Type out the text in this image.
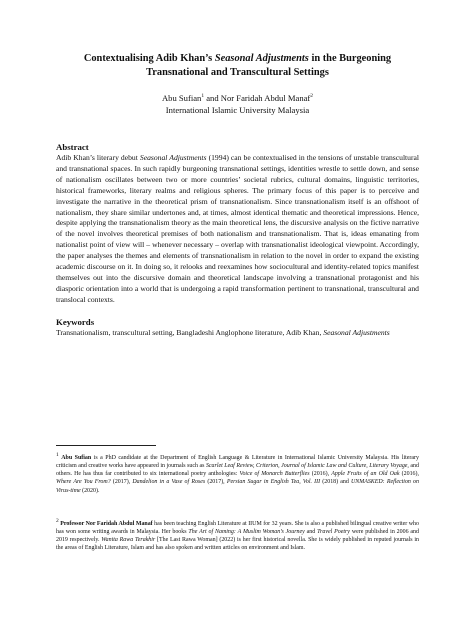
Contextualising Adib Khan’s Seasonal Adjustments in the Burgeoning Transnational and Transcultural Settings

Abu Sufian$^1$ and Nor Faridah Abdul Manaf$^2$
International Islamic University Malaysia

Abstract

Adib Khan’s literary debut Seasonal Adjustments (1994) can be contextualised in the tensions of unstable transcultural and transnational spaces. In such rapidly burgeoning transnational settings, identities wrestle to settle down, and sense of nationalism oscillates between two or more countries’ societal rubrics, cultural domains, linguistic territories, historical frameworks, literary realms and religious spheres. The primary focus of this paper is to perceive and investigate the narrative in the theoretical prism of transnationalism. Since transnationalism itself is an offshoot of nationalism, they share similar undertones and, at times, almost identical thematic and theoretical impressions. Hence, despite applying the transnationalism theory as the main theoretical lens, the discursive analysis on the fictive narrative of the novel involves theoretical premises of both nationalism and transnationalism. That is, ideas emanating from nationalist point of view will – whenever necessary – overlap with transnationalist ideological viewpoint. Accordingly, the paper analyses the themes and elements of transnationalism in relation to the novel in order to expand the existing academic discourse on it. In doing so, it relooks and reexamines how sociocultural and identity-related topics manifest themselves out into the discursive domain and theoretical landscape involving a transnational protagonist and his diasporic orientation into a world that is undergoing a rapid transformation pertinent to transnational, transcultural and translocal contexts.

Keywords

Transnationalism, transcultural setting, Bangladeshi Anglophone literature, Adib Khan, Seasonal Adjustments

$^1$ Abu Sufian is a PhD candidate at the Department of English Language & Literature in International Islamic University Malaysia. His literary criticism and creative works have appeared in journals such as Scarlet Leaf Review, Criterion, Journal of Islamic Law and Culture, Literary Voyage, and others. He has thus far contributed to six international poetry anthologies: Voice of Monarch Butterflies (2016), Apple Fruits of an Old Oak (2016), Where Are You From? (2017), Dandelion in a Vase of Roses (2017), Persian Sugar in English Tea, Vol. III (2018) and UNMASKED: Reflection on Virus-time (2020).
$^2$ Professor Nor Faridah Abdul Manaf has been teaching English Literature at IIUM for 32 years. She is also a published bilingual creative writer who has won some writing awards in Malaysia. Her books The Art of Naming: A Muslim Woman’s Journey and Travel Poetry were published in 2006 and 2019 respectively. Wanita Rawa Terakhir [The Last Rawa Woman] (2022) is her first historical novella. She is widely published in reputed journals in the areas of English Literature, Islam and has also spoken and written articles on environment and Islam.
